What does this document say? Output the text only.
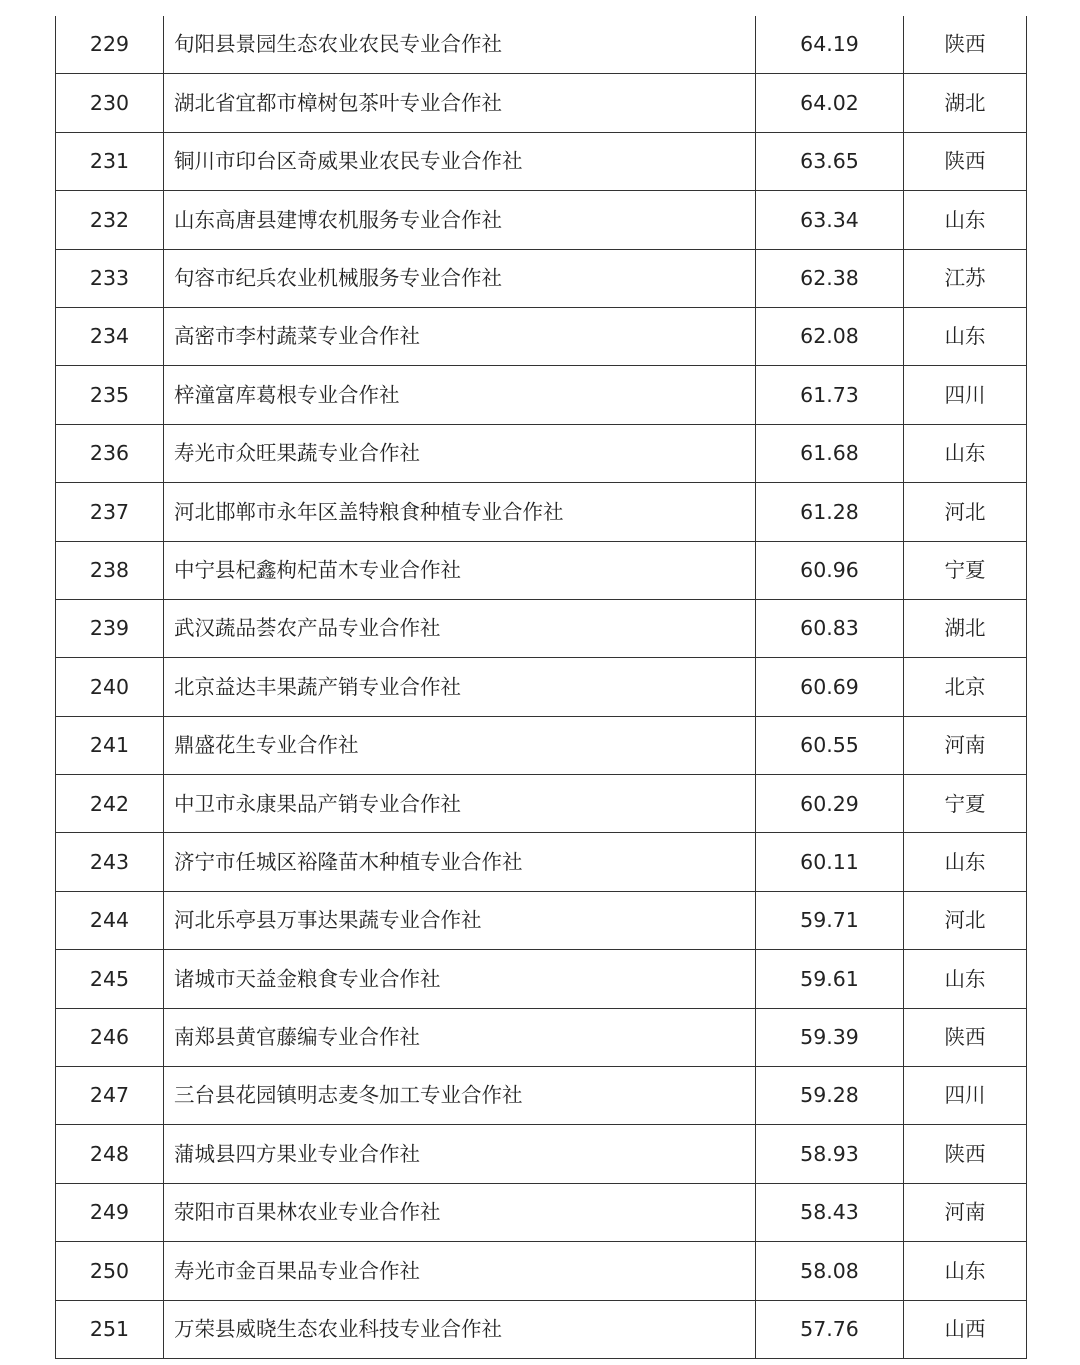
229	旬阳县景园生态农业农民专业合作社	64.19	陕西
230	湖北省宜都市樟树包茶叶专业合作社	64.02	湖北
231	铜川市印台区奇威果业农民专业合作社	63.65	陕西
232	山东高唐县建博农机服务专业合作社	63.34	山东
233	句容市纪兵农业机械服务专业合作社	62.38	江苏
234	高密市李村蔬菜专业合作社	62.08	山东
235	梓潼富库葛根专业合作社	61.73	四川
236	寿光市众旺果蔬专业合作社	61.68	山东
237	河北邯郸市永年区盖特粮食种植专业合作社	61.28	河北
238	中宁县杞鑫枸杞苗木专业合作社	60.96	宁夏
239	武汉蔬品荟农产品专业合作社	60.83	湖北
240	北京益达丰果蔬产销专业合作社	60.69	北京
241	鼎盛花生专业合作社	60.55	河南
242	中卫市永康果品产销专业合作社	60.29	宁夏
243	济宁市任城区裕隆苗木种植专业合作社	60.11	山东
244	河北乐亭县万事达果蔬专业合作社	59.71	河北
245	诸城市天益金粮食专业合作社	59.61	山东
246	南郑县黄官藤编专业合作社	59.39	陕西
247	三台县花园镇明志麦冬加工专业合作社	59.28	四川
248	蒲城县四方果业专业合作社	58.93	陕西
249	荥阳市百果林农业专业合作社	58.43	河南
250	寿光市金百果品专业合作社	58.08	山东
251	万荣县威晓生态农业科技专业合作社	57.76	山西
